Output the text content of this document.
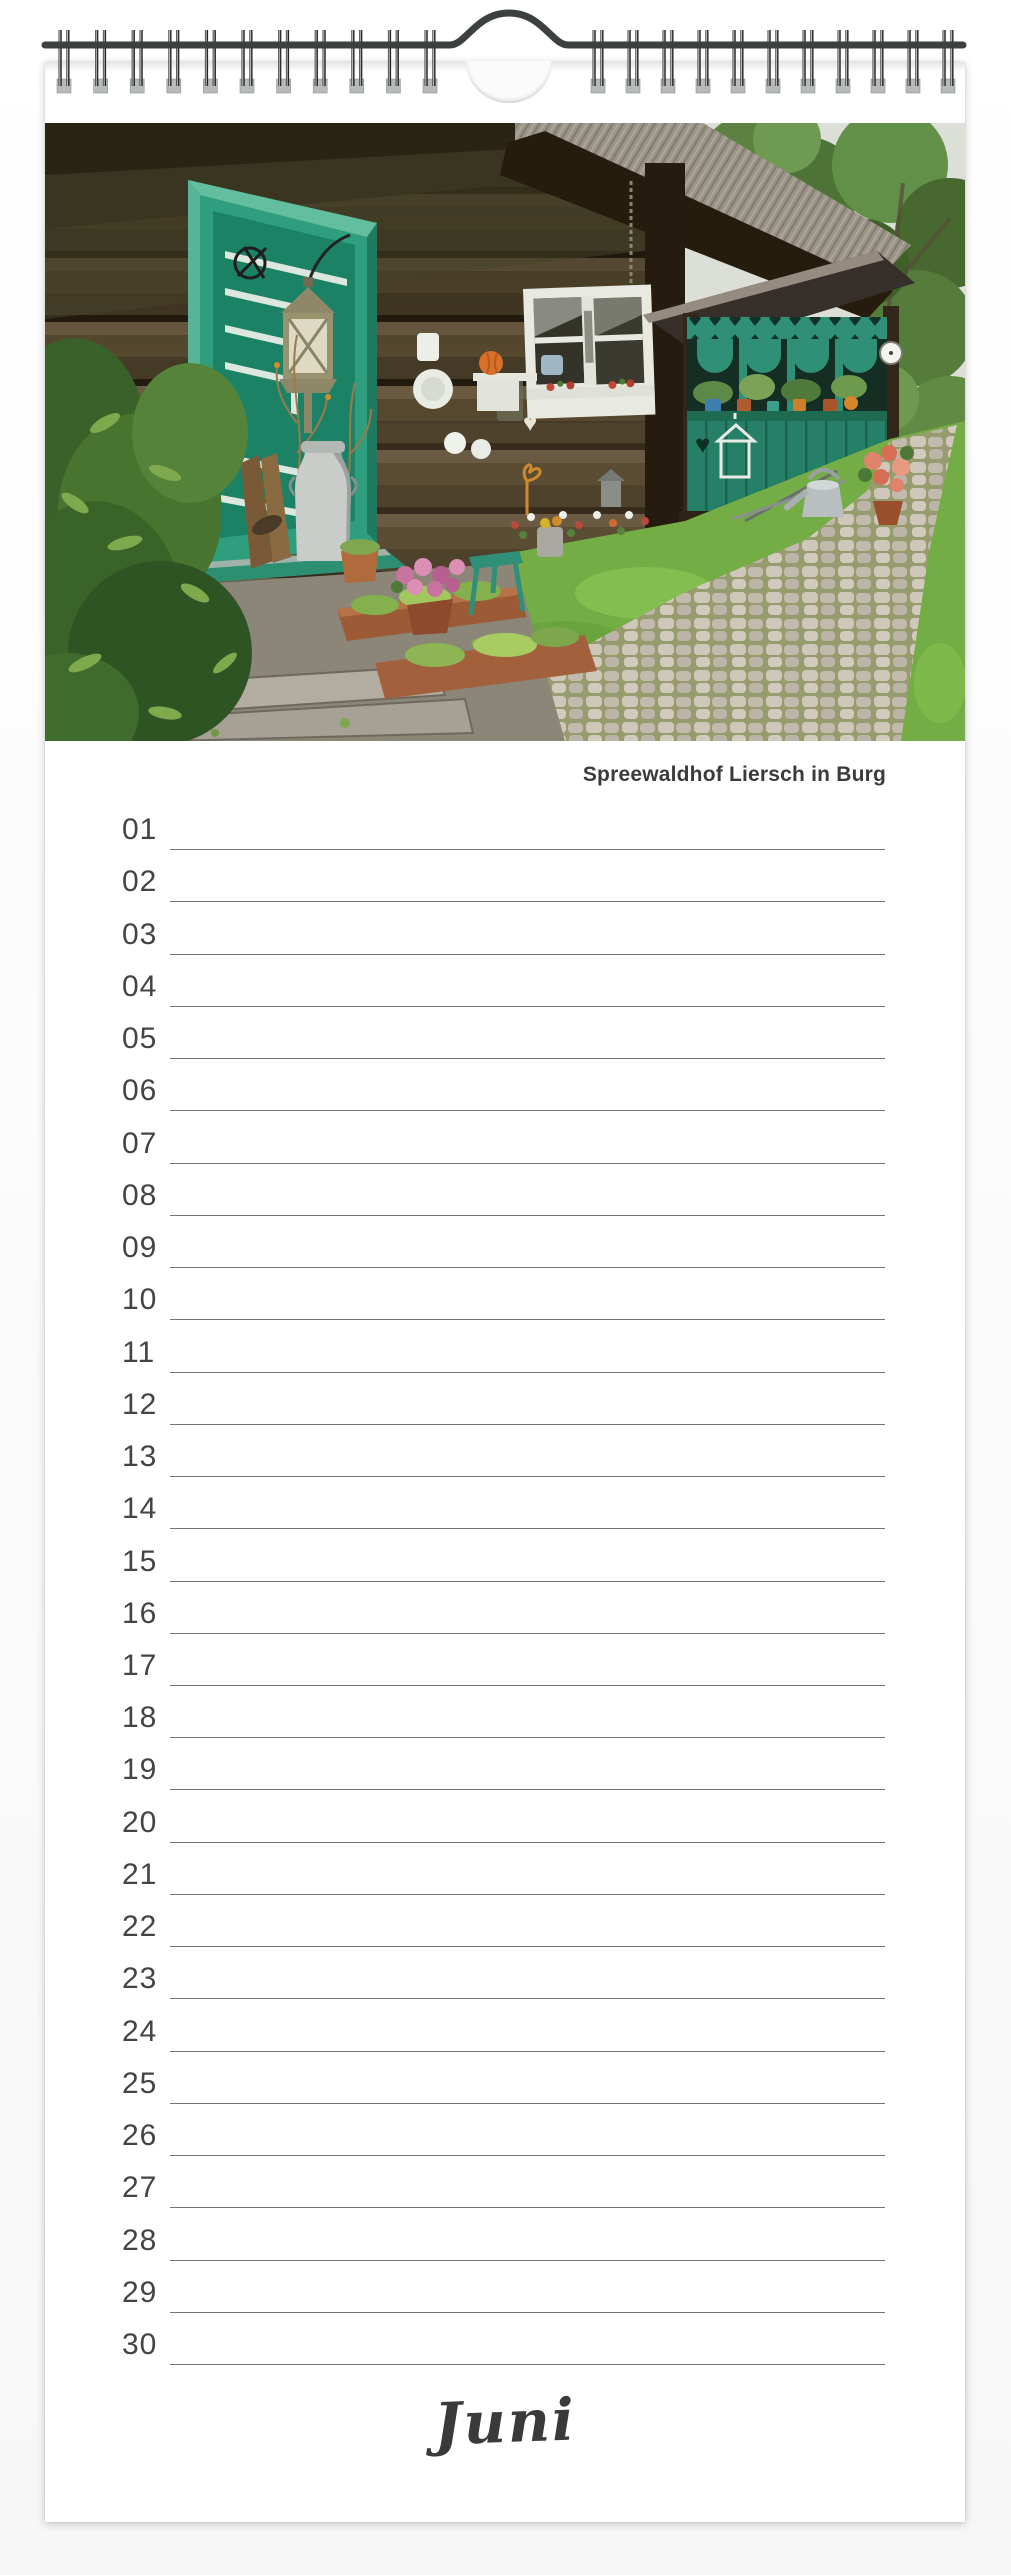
♥
♥
Spreewaldhof Liersch in Burg
01
02
03
04
05
06
07
08
09
10
11
12
13
14
15
16
17
18
19
20
21
22
23
24
25
26
27
28
29
30
Juni
